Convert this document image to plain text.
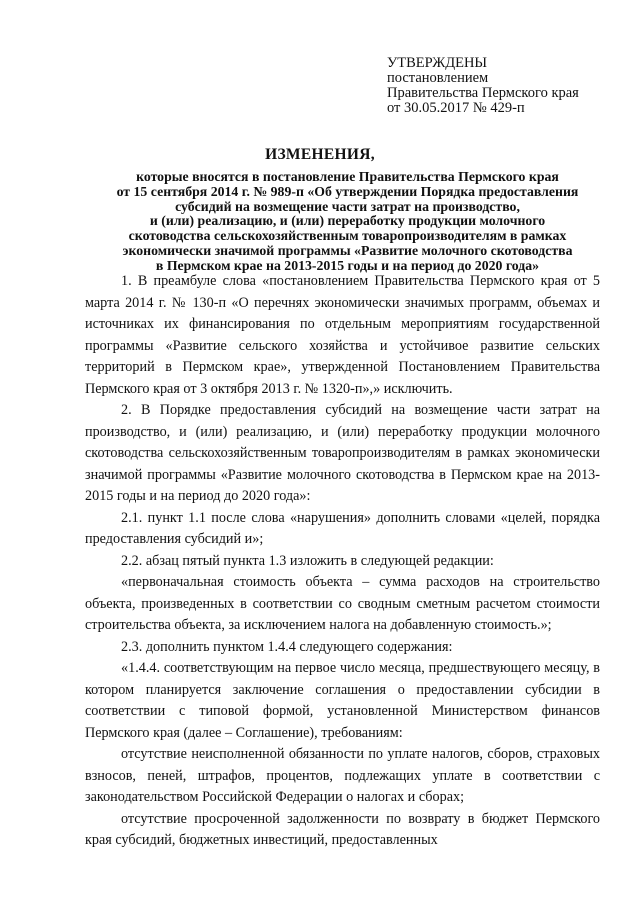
УТВЕРЖДЕНЫ
постановлением
Правительства Пермского края
от 30.05.2017 № 429-п
ИЗМЕНЕНИЯ,
которые вносятся в постановление Правительства Пермского края
от 15 сентября 2014 г. № 989-п «Об утверждении Порядка предоставления
субсидий на возмещение части затрат на производство,
и (или) реализацию, и (или) переработку продукции молочного
скотоводства сельскохозяйственным товаропроизводителям в рамках
экономически значимой программы «Развитие молочного скотоводства
в Пермском крае на 2013-2015 годы и на период до 2020 года»

1. В преамбуле слова «постановлением Правительства Пермского края от 5 марта 2014 г. № 130-п «О перечнях экономически значимых программ, объемах и источниках их финансирования по отдельным мероприятиям государственной программы «Развитие сельского хозяйства и устойчивое развитие сельских территорий в Пермском крае», утвержденной Постановлением Правительства Пермского края от 3 октября 2013 г. № 1320-п»,» исключить.

2. В Порядке предоставления субсидий на возмещение части затрат на производство, и (или) реализацию, и (или) переработку продукции молочного скотоводства сельскохозяйственным товаропроизводителям в рамках экономически значимой программы «Развитие молочного скотоводства в Пермском крае на 2013-2015 годы и на период до 2020 года»:

2.1. пункт 1.1 после слова «нарушения» дополнить словами «целей, порядка предоставления субсидий и»;

2.2. абзац пятый пункта 1.3 изложить в следующей редакции:

«первоначальная стоимость объекта – сумма расходов на строительство объекта, произведенных в соответствии со сводным сметным расчетом стоимости строительства объекта, за исключением налога на добавленную стоимость.»;

2.3. дополнить пунктом 1.4.4 следующего содержания:

«1.4.4. соответствующим на первое число месяца, предшествующего месяцу, в котором планируется заключение соглашения о предоставлении субсидии в соответствии с типовой формой, установленной Министерством финансов Пермского края (далее – Соглашение), требованиям:

отсутствие неисполненной обязанности по уплате налогов, сборов, страховых взносов, пеней, штрафов, процентов, подлежащих уплате в соответствии с законодательством Российской Федерации о налогах и сборах;

отсутствие просроченной задолженности по возврату в бюджет Пермского края субсидий, бюджетных инвестиций, предоставленных
